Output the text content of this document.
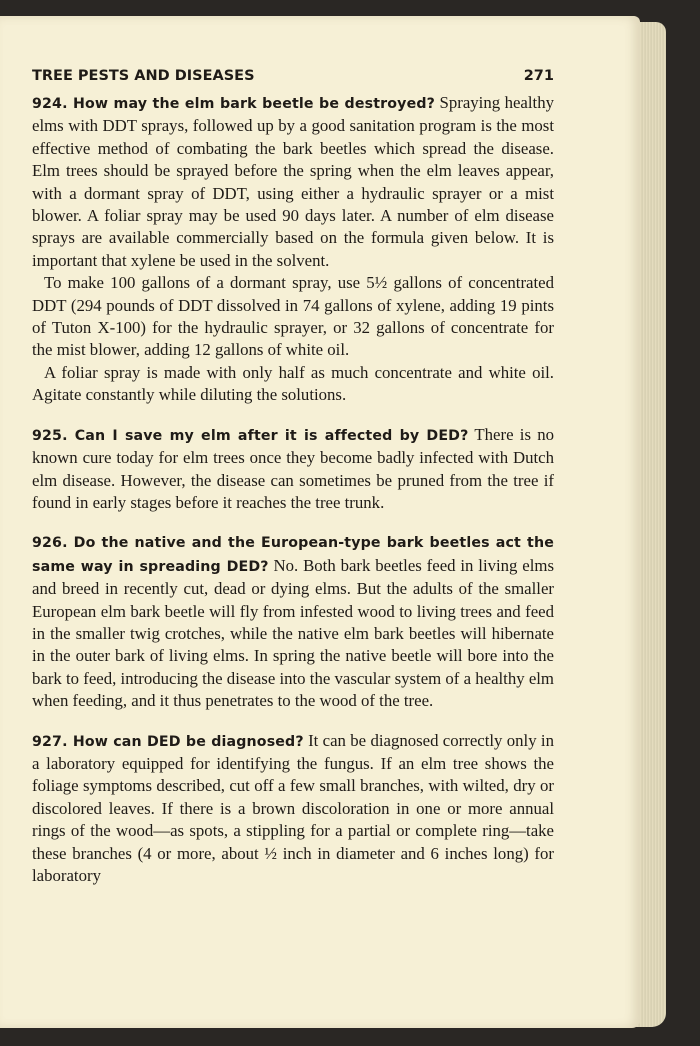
TREE PESTS AND DISEASES	271

924. How may the elm bark beetle be destroyed? Spraying healthy elms with DDT sprays, followed up by a good sanitation program is the most effective method of combating the bark beetles which spread the disease. Elm trees should be sprayed before the spring when the elm leaves appear, with a dormant spray of DDT, using either a hydraulic sprayer or a mist blower. A foliar spray may be used 90 days later. A number of elm disease sprays are available commercially based on the formula given below. It is important that xylene be used in the solvent.

To make 100 gallons of a dormant spray, use 5½ gallons of concentrated DDT (294 pounds of DDT dissolved in 74 gallons of xylene, adding 19 pints of Tuton X-100) for the hydraulic sprayer, or 32 gallons of concentrate for the mist blower, adding 12 gallons of white oil.

A foliar spray is made with only half as much concentrate and white oil. Agitate constantly while diluting the solutions.

925. Can I save my elm after it is affected by DED? There is no known cure today for elm trees once they become badly infected with Dutch elm disease. However, the disease can sometimes be pruned from the tree if found in early stages before it reaches the tree trunk.

926. Do the native and the European-type bark beetles act the same way in spreading DED? No. Both bark beetles feed in living elms and breed in recently cut, dead or dying elms. But the adults of the smaller European elm bark beetle will fly from infested wood to living trees and feed in the smaller twig crotches, while the native elm bark beetles will hibernate in the outer bark of living elms. In spring the native beetle will bore into the bark to feed, introducing the disease into the vascular system of a healthy elm when feeding, and it thus penetrates to the wood of the tree.

927. How can DED be diagnosed? It can be diagnosed correctly only in a laboratory equipped for identifying the fungus. If an elm tree shows the foliage symptoms described, cut off a few small branches, with wilted, dry or discolored leaves. If there is a brown discoloration in one or more annual rings of the wood—as spots, a stippling for a partial or complete ring—take these branches (4 or more, about ½ inch in diameter and 6 inches long) for laboratory
